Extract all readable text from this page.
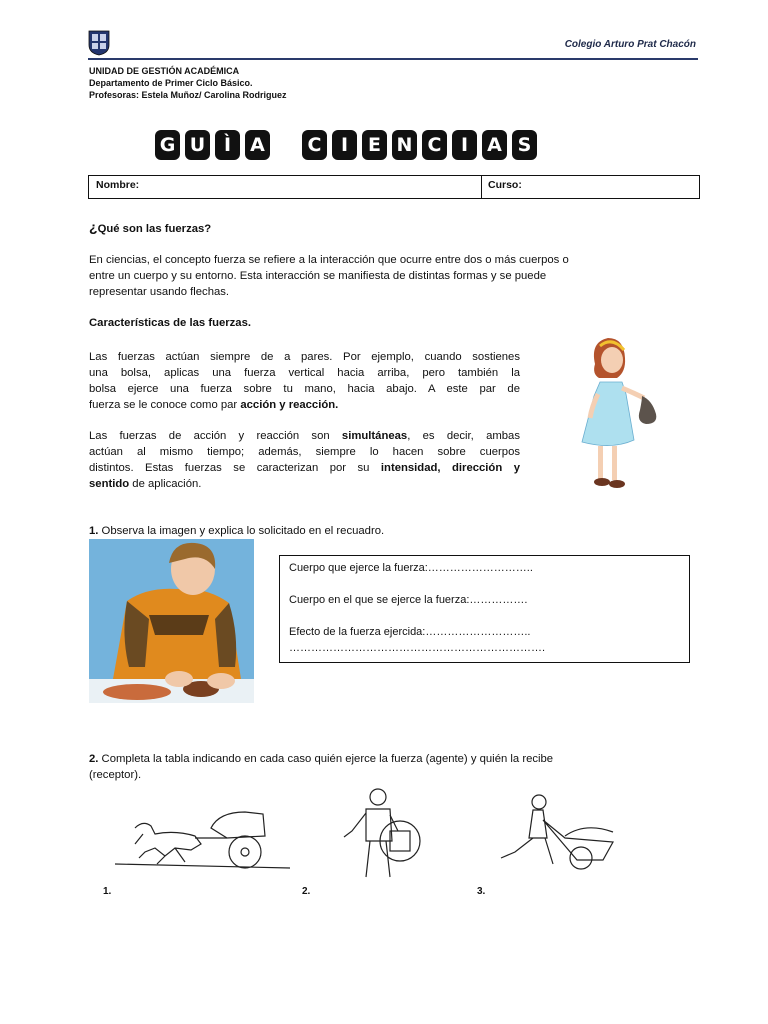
Colegio Arturo Prat Chacón
UNIDAD DE GESTIÓN ACADÉMICA
Departamento de Primer Ciclo Básico.
Profesoras: Estela Muñoz/ Carolina Rodriguez
G U Ì	A C	I	E N C	I	A S
Nombre:	Curso:
¿Qué son las fuerzas?
En ciencias, el concepto fuerza se refiere a la interacción que ocurre entre dos o más cuerpos o
entre un cuerpo y su entorno. Esta interacción se manifiesta de distintas formas y se puede
representar usando flechas.
Características de las fuerzas.
Las fuerzas actúan siempre de a pares. Por ejemplo, cuando sostienes
una bolsa, aplicas una fuerza vertical hacia arriba, pero también la
bolsa ejerce una fuerza sobre tu mano, hacia abajo. A este par de
fuerza se le conoce como par acción y reacción.
Las fuerzas de acción y reacción son simultáneas, es decir, ambas
actúan al mismo tiempo; además, siempre lo hacen sobre cuerpos
distintos. Estas fuerzas se caracterizan por su intensidad, dirección y
sentido de aplicación.
1. Observa la imagen y explica lo solicitado en el recuadro.
Cuerpo que ejerce la fuerza:………………………..
Cuerpo en el que se ejerce la fuerza:…………….
Efecto de la fuerza ejercida:………………………..
…………………………………………………………….
2. Completa la tabla indicando en cada caso quién ejerce la fuerza (agente) y quién la recibe
(receptor).
1.	2.	3.
